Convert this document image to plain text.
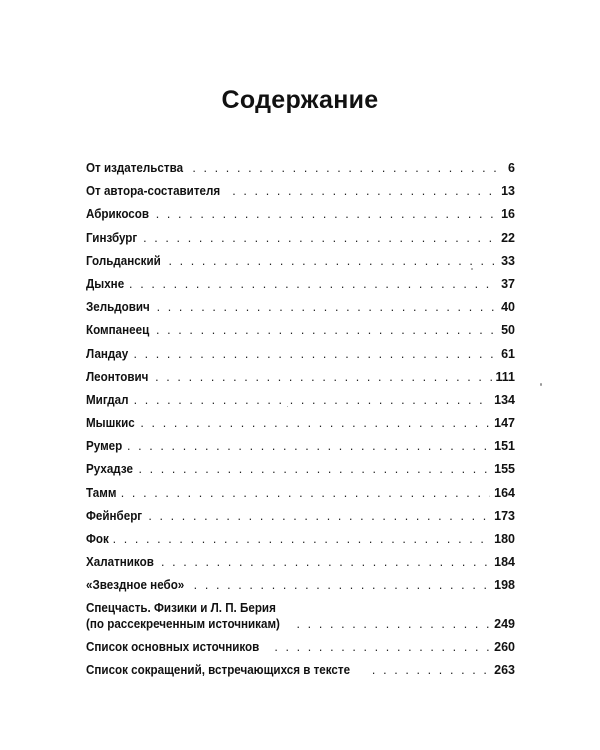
Содержание
От издательства . . .	6
От автора-составителя . . .	13
Абрикосов . . .	16
Гинзбург . . .	22
Гольданский . . .	33
Дыхне . . .	37
Зельдович . . .	40
Компанеец . . .	50
Ландау . . .	61
Леонтович . . .	111
Мигдал . . .	134
Мышкис . . .	147
Румер . . .	151
Рухадзе . . .	155
Тамм . . .	164
Фейнберг . . .	173
Фок . . .	180
Халатников . . .	184
«Звездное небо» . . .	198
Спецчасть. Физики и Л. П. Берия
(по рассекреченным источникам) . . .	249
Список основных источников . . .	260
Список сокращений, встречающихся в тексте . . .	263
